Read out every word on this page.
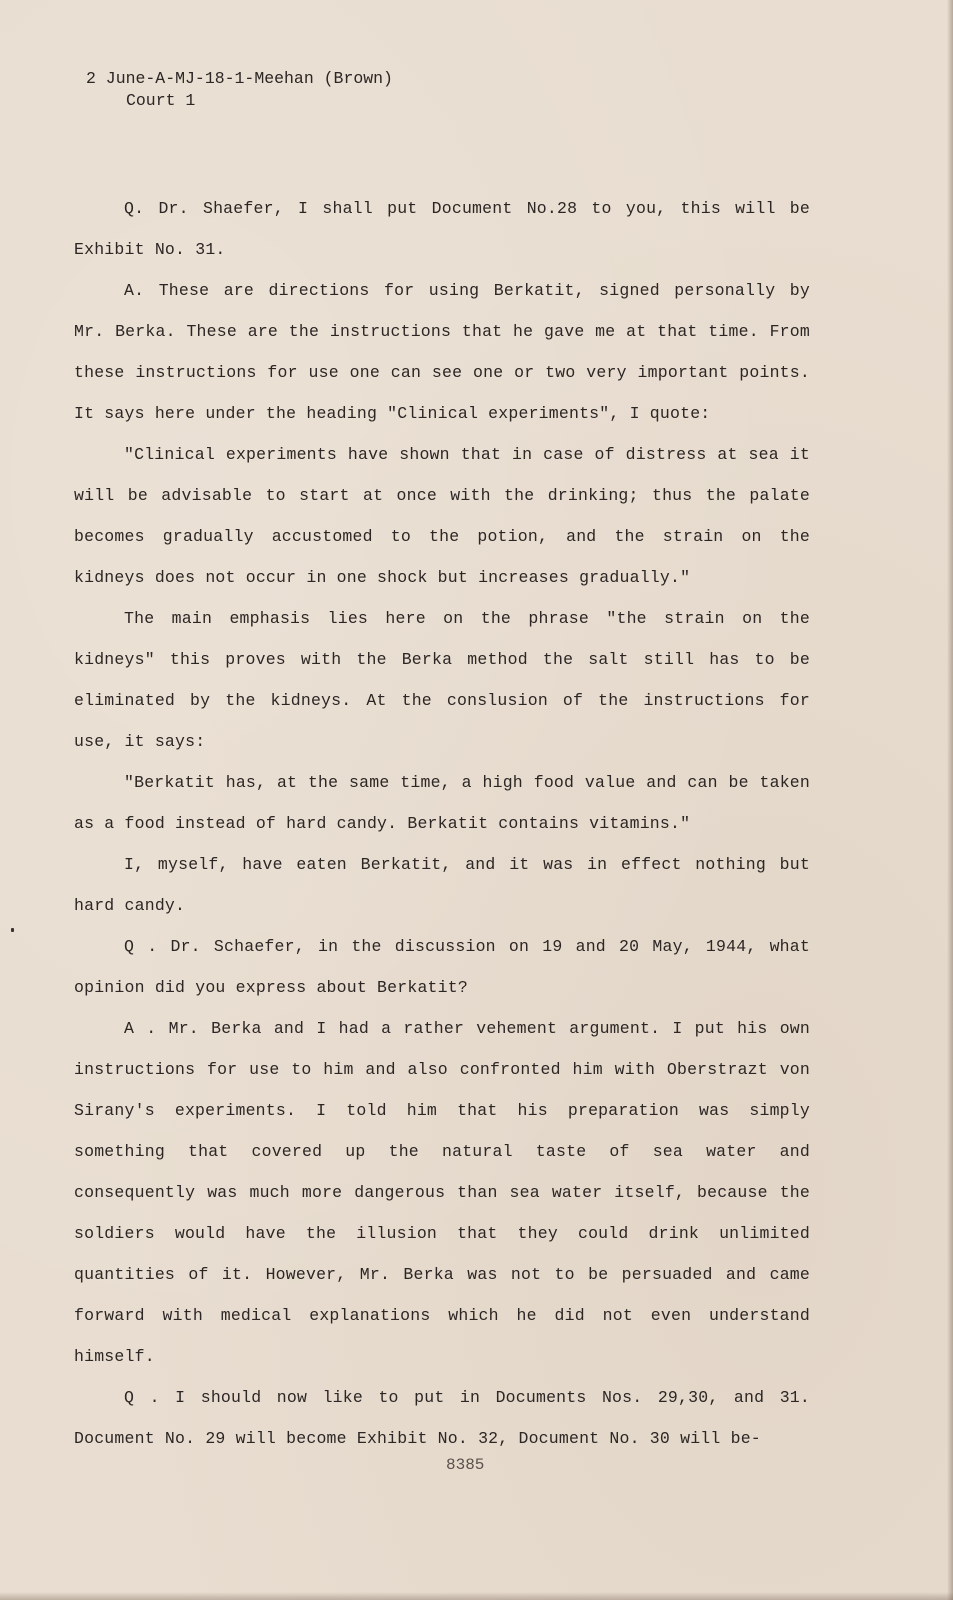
2 June-A-MJ-18-1-Meehan (Brown)
Court 1

Q. Dr. Shaefer, I shall put Document No.28 to you, this will be Exhibit No. 31.

A. These are directions for using Berkatit, signed personally by Mr. Berka. These are the instructions that he gave me at that time. From these instructions for use one can see one or two very important points. It says here under the heading "Clinical experiments", I quote:

"Clinical experiments have shown that in case of distress at sea it will be advisable to start at once with the drinking; thus the palate becomes gradually accustomed to the potion, and the strain on the kidneys does not occur in one shock but increases gradually."

The main emphasis lies here on the phrase "the strain on the kidneys" this proves with the Berka method the salt still has to be eliminated by the kidneys. At the conslusion of the instructions for use, it says:

"Berkatit has, at the same time, a high food value and can be taken as a food instead of hard candy. Berkatit contains vitamins."

I, myself, have eaten Berkatit, and it was in effect nothing but hard candy.

Q . Dr. Schaefer, in the discussion on 19 and 20 May, 1944, what opinion did you express about Berkatit?

A . Mr. Berka and I had a rather vehement argument. I put his own instructions for use to him and also confronted him with Oberstrazt von Sirany's experiments. I told him that his preparation was simply something that covered up the natural taste of sea water and consequently was much more dangerous than sea water itself, because the soldiers would have the illusion that they could drink unlimited quantities of it. However, Mr. Berka was not to be persuaded and came forward with medical explanations which he did not even understand himself.

Q . I should now like to put in Documents Nos. 29,30, and 31. Document No. 29 will become Exhibit No. 32, Document No. 30 will be-

8385
